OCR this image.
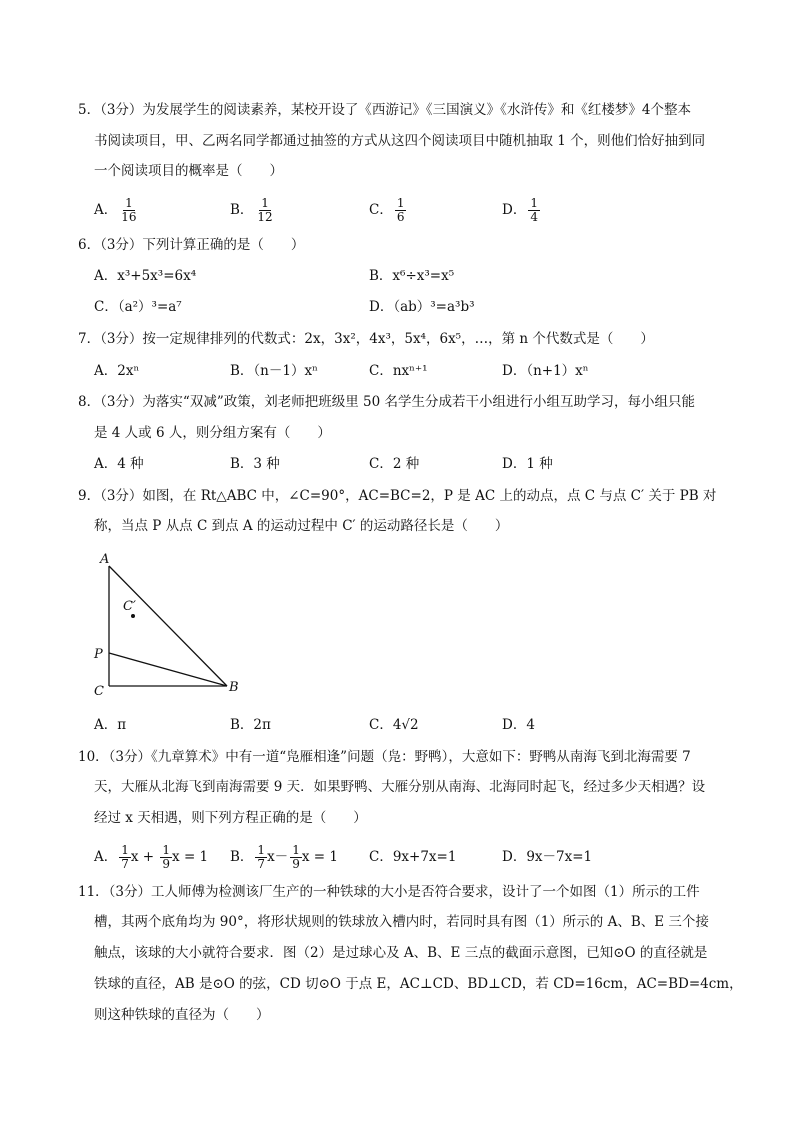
5．（3分）为发展学生的阅读素养，某校开设了《西游记》《三国演义》《水浒传》和《红楼梦》4个整本
书阅读项目，甲、乙两名同学都通过抽签的方式从这四个阅读项目中随机抽取 1 个，则他们恰好抽到同
一个阅读项目的概率是（　　）
A． $\frac{1}{16}$	B． $\frac{1}{12}$	C． $\frac{1}{6}$	D． $\frac{1}{4}$
6．（3分）下列计算正确的是（　　）
A．x³+5x³=6x⁴	B．x⁶÷x³=x⁵
C．（a²）³=a⁷	D．（ab）³=a³b³
7．（3分）按一定规律排列的代数式：2x，3x²，4x³，5x⁴，6x⁵，…，第 n 个代数式是（　　）
A．2xⁿ	B．（n－1）xⁿ	C．nxⁿ⁺¹	D．（n+1）xⁿ
8．（3分）为落实“双减”政策，刘老师把班级里 50 名学生分成若干小组进行小组互助学习，每小组只能
是 4 人或 6 人，则分组方案有（　　）
A．4 种	B．3 种	C．2 种	D．1 种
9．（3分）如图，在 Rt△ABC 中，∠C=90°，AC=BC=2，P 是 AC 上的动点，点 C 与点 C′ 关于 PB 对
称，当点 P 从点 C 到点 A 的运动过程中 C′ 的运动路径长是（　　）
A
C′
P
C	B
A．π	B．2π	C．4√2	D．4
10．（3分）《九章算术》中有一道“凫雁相逢”问题（凫：野鸭），大意如下：野鸭从南海飞到北海需要 7
天，大雁从北海飞到南海需要 9 天．如果野鸭、大雁分别从南海、北海同时起飞，经过多少天相遇？设
经过 x 天相遇，则下列方程正确的是（　　）
A． $\frac{1}{7}$ $x + \frac{1}{9}$ x = 1 B． $\frac{1}{7} x- \frac{1}{9}$ x = 1 C．9x+7x=1	D．9x－7x=1
11．（3分）工人师傅为检测该厂生产的一种铁球的大小是否符合要求，设计了一个如图（1）所示的工件
槽，其两个底角均为 90°，将形状规则的铁球放入槽内时，若同时具有图（1）所示的 A、B、E 三个接
触点，该球的大小就符合要求．图（2）是过球心及 A、B、E 三点的截面示意图，已知⊙O 的直径就是
铁球的直径，AB 是⊙O 的弦，CD 切⊙O 于点 E，AC⊥CD、BD⊥CD，若 CD=16cm，AC=BD=4cm，
则这种铁球的直径为（　　）
